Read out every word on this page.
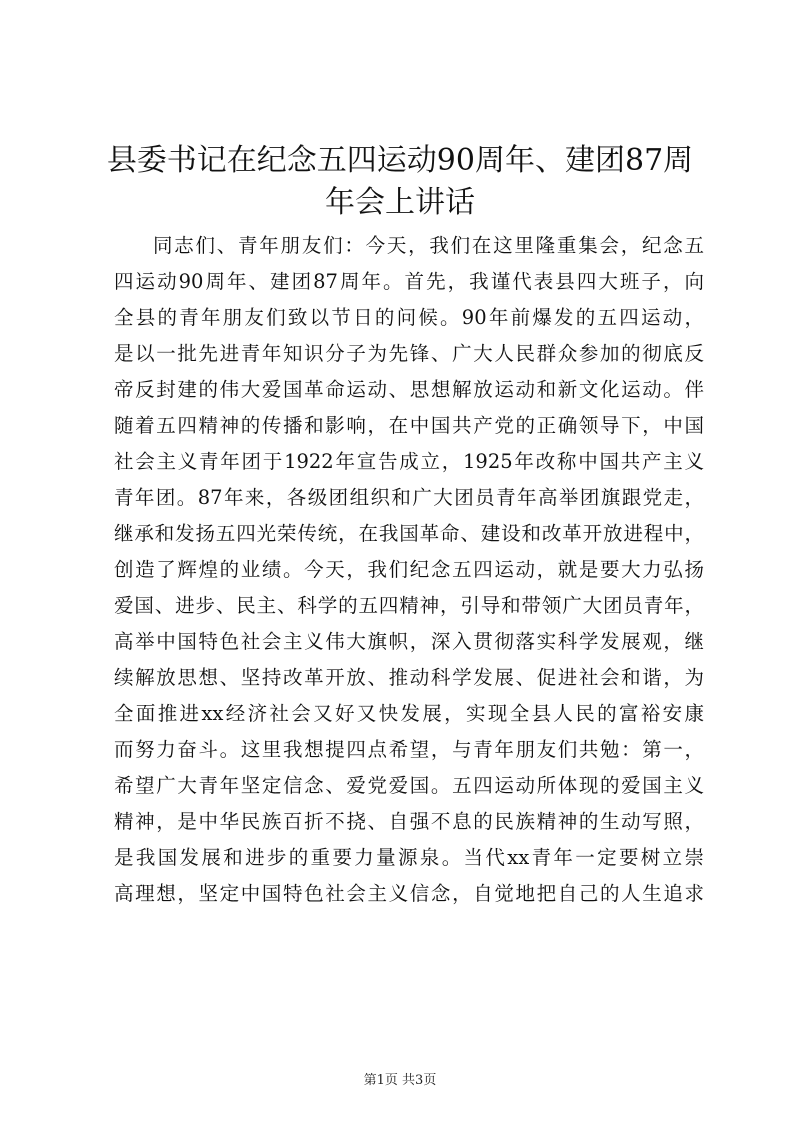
县委书记在纪念五四运动90周年、建团87周
年会上讲话
同志们、青年朋友们：今天，我们在这里隆重集会，纪念五
四运动90周年、建团87周年。首先，我谨代表县四大班子，向
全县的青年朋友们致以节日的问候。90年前爆发的五四运动，
是以一批先进青年知识分子为先锋、广大人民群众参加的彻底反
帝反封建的伟大爱国革命运动、思想解放运动和新文化运动。伴
随着五四精神的传播和影响，在中国共产党的正确领导下，中国
社会主义青年团于1922年宣告成立，1925年改称中国共产主义
青年团。87年来，各级团组织和广大团员青年高举团旗跟党走，
继承和发扬五四光荣传统，在我国革命、建设和改革开放进程中，
创造了辉煌的业绩。今天，我们纪念五四运动，就是要大力弘扬
爱国、进步、民主、科学的五四精神，引导和带领广大团员青年，
高举中国特色社会主义伟大旗帜，深入贯彻落实科学发展观，继
续解放思想、坚持改革开放、推动科学发展、促进社会和谐，为
全面推进xx经济社会又好又快发展，实现全县人民的富裕安康
而努力奋斗。这里我想提四点希望，与青年朋友们共勉：第一，
希望广大青年坚定信念、爱党爱国。五四运动所体现的爱国主义
精神，是中华民族百折不挠、自强不息的民族精神的生动写照，
是我国发展和进步的重要力量源泉。当代xx青年一定要树立崇
高理想，坚定中国特色社会主义信念，自觉地把自己的人生追求
第1页 共3页
